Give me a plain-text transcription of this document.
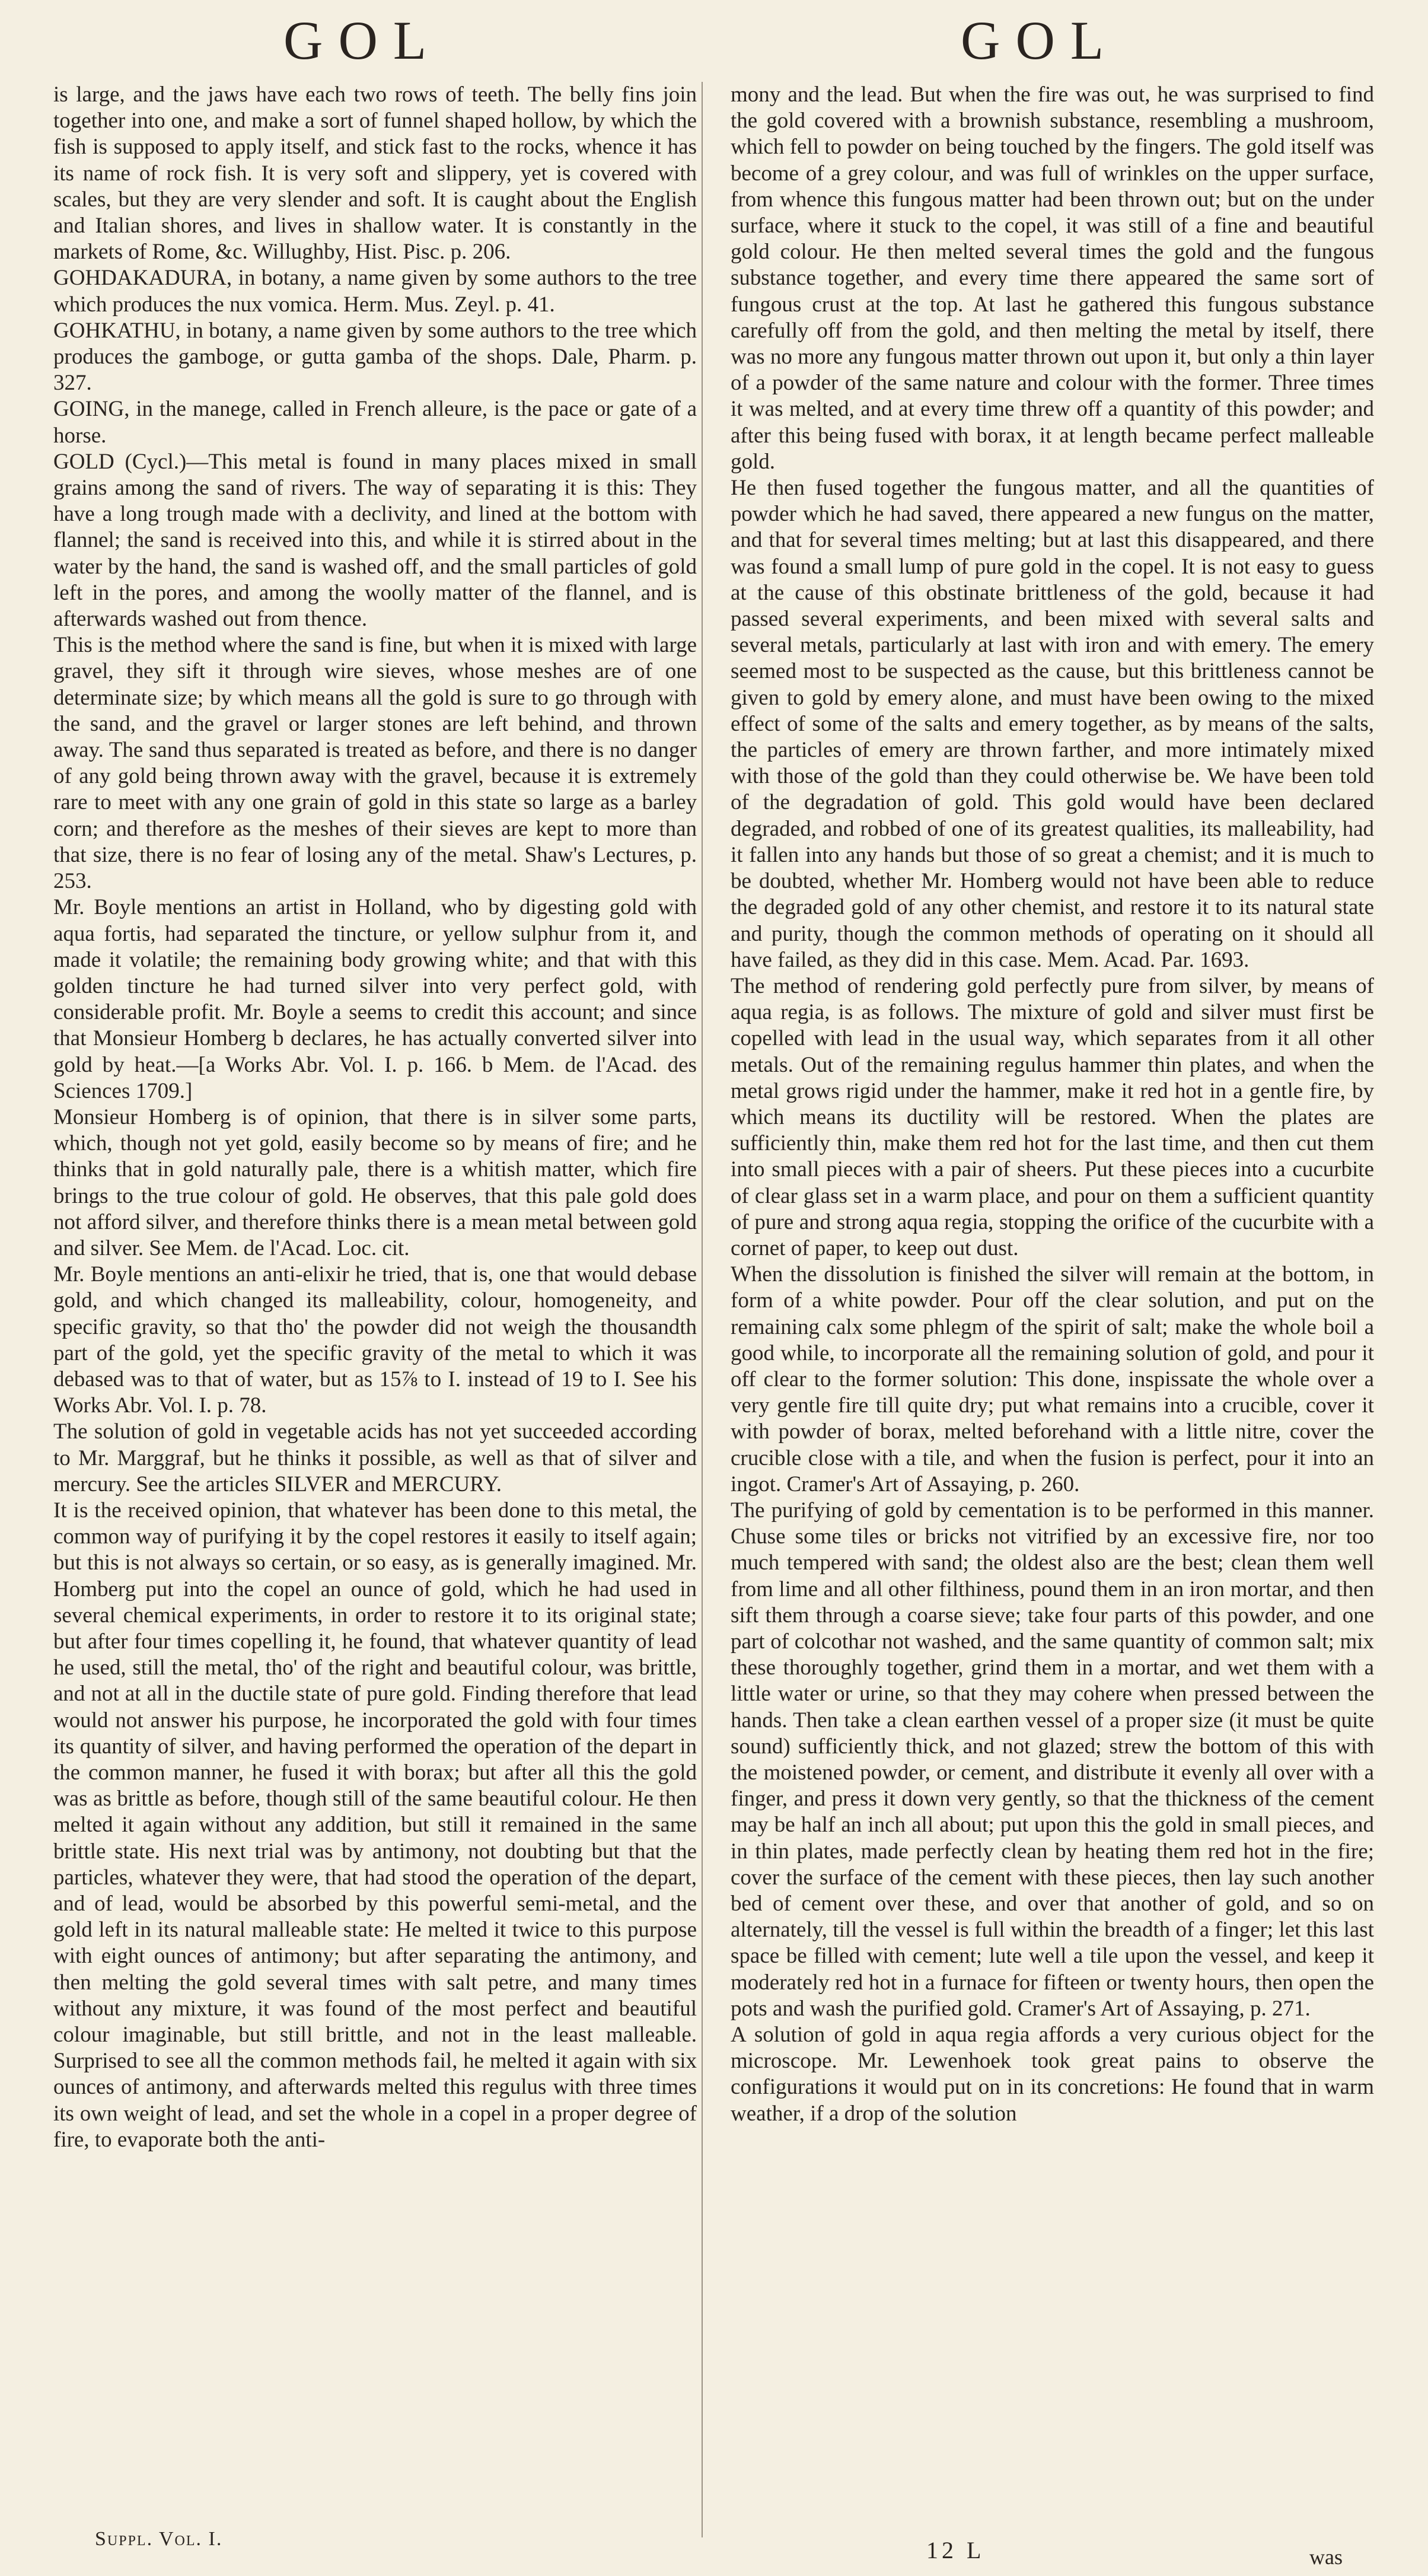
GOL	GOL

is large, and the jaws have each two rows of teeth. The belly fins join together into one, and make a sort of funnel shaped hollow, by which the fish is supposed to apply itself, and stick fast to the rocks, whence it has its name of rock fish. It is very soft and slippery, yet is covered with scales, but they are very slender and soft. It is caught about the English and Italian shores, and lives in shallow water. It is constantly in the markets of Rome, &c. Willughby, Hist. Pisc. p. 206.

GOHDAKADURA, in botany, a name given by some authors to the tree which produces the nux vomica. Herm. Mus. Zeyl. p. 41.

GOHKATHU, in botany, a name given by some authors to the tree which produces the gamboge, or gutta gamba of the shops. Dale, Pharm. p. 327.

GOING, in the manege, called in French alleure, is the pace or gate of a horse.

GOLD (Cycl.)—This metal is found in many places mixed in small grains among the sand of rivers. The way of separating it is this: They have a long trough made with a declivity, and lined at the bottom with flannel; the sand is received into this, and while it is stirred about in the water by the hand, the sand is washed off, and the small particles of gold left in the pores, and among the woolly matter of the flannel, and is afterwards washed out from thence.

This is the method where the sand is fine, but when it is mixed with large gravel, they sift it through wire sieves, whose meshes are of one determinate size; by which means all the gold is sure to go through with the sand, and the gravel or larger stones are left behind, and thrown away. The sand thus separated is treated as before, and there is no danger of any gold being thrown away with the gravel, because it is extremely rare to meet with any one grain of gold in this state so large as a barley corn; and therefore as the meshes of their sieves are kept to more than that size, there is no fear of losing any of the metal. Shaw's Lectures, p. 253.

Mr. Boyle mentions an artist in Holland, who by digesting gold with aqua fortis, had separated the tincture, or yellow sulphur from it, and made it volatile; the remaining body growing white; and that with this golden tincture he had turned silver into very perfect gold, with considerable profit. Mr. Boyle a seems to credit this account; and since that Monsieur Homberg b declares, he has actually converted silver into gold by heat.—[a Works Abr. Vol. I. p. 166. b Mem. de l'Acad. des Sciences 1709.]

Monsieur Homberg is of opinion, that there is in silver some parts, which, though not yet gold, easily become so by means of fire; and he thinks that in gold naturally pale, there is a whitish matter, which fire brings to the true colour of gold. He observes, that this pale gold does not afford silver, and therefore thinks there is a mean metal between gold and silver. See Mem. de l'Acad. Loc. cit.

Mr. Boyle mentions an anti-elixir he tried, that is, one that would debase gold, and which changed its malleability, colour, homogeneity, and specific gravity, so that tho' the powder did not weigh the thousandth part of the gold, yet the specific gravity of the metal to which it was debased was to that of water, but as 15⅞ to I. instead of 19 to I. See his Works Abr. Vol. I. p. 78.

The solution of gold in vegetable acids has not yet succeeded according to Mr. Marggraf, but he thinks it possible, as well as that of silver and mercury. See the articles SILVER and MERCURY.

It is the received opinion, that whatever has been done to this metal, the common way of purifying it by the copel restores it easily to itself again; but this is not always so certain, or so easy, as is generally imagined. Mr. Homberg put into the copel an ounce of gold, which he had used in several chemical experiments, in order to restore it to its original state; but after four times copelling it, he found, that whatever quantity of lead he used, still the metal, tho' of the right and beautiful colour, was brittle, and not at all in the ductile state of pure gold. Finding therefore that lead would not answer his purpose, he incorporated the gold with four times its quantity of silver, and having performed the operation of the depart in the common manner, he fused it with borax; but after all this the gold was as brittle as before, though still of the same beautiful colour. He then melted it again without any addition, but still it remained in the same brittle state. His next trial was by antimony, not doubting but that the particles, whatever they were, that had stood the operation of the depart, and of lead, would be absorbed by this powerful semi-metal, and the gold left in its natural malleable state: He melted it twice to this purpose with eight ounces of antimony; but after separating the antimony, and then melting the gold several times with salt petre, and many times without any mixture, it was found of the most perfect and beautiful colour imaginable, but still brittle, and not in the least malleable. Surprised to see all the common methods fail, he melted it again with six ounces of antimony, and afterwards melted this regulus with three times its own weight of lead, and set the whole in a copel in a proper degree of fire, to evaporate both the anti-

mony and the lead. But when the fire was out, he was surprised to find the gold covered with a brownish substance, resembling a mushroom, which fell to powder on being touched by the fingers. The gold itself was become of a grey colour, and was full of wrinkles on the upper surface, from whence this fungous matter had been thrown out; but on the under surface, where it stuck to the copel, it was still of a fine and beautiful gold colour. He then melted several times the gold and the fungous substance together, and every time there appeared the same sort of fungous crust at the top. At last he gathered this fungous substance carefully off from the gold, and then melting the metal by itself, there was no more any fungous matter thrown out upon it, but only a thin layer of a powder of the same nature and colour with the former. Three times it was melted, and at every time threw off a quantity of this powder; and after this being fused with borax, it at length became perfect malleable gold.

He then fused together the fungous matter, and all the quantities of powder which he had saved, there appeared a new fungus on the matter, and that for several times melting; but at last this disappeared, and there was found a small lump of pure gold in the copel. It is not easy to guess at the cause of this obstinate brittleness of the gold, because it had passed several experiments, and been mixed with several salts and several metals, particularly at last with iron and with emery. The emery seemed most to be suspected as the cause, but this brittleness cannot be given to gold by emery alone, and must have been owing to the mixed effect of some of the salts and emery together, as by means of the salts, the particles of emery are thrown farther, and more intimately mixed with those of the gold than they could otherwise be. We have been told of the degradation of gold. This gold would have been declared degraded, and robbed of one of its greatest qualities, its malleability, had it fallen into any hands but those of so great a chemist; and it is much to be doubted, whether Mr. Homberg would not have been able to reduce the degraded gold of any other chemist, and restore it to its natural state and purity, though the common methods of operating on it should all have failed, as they did in this case. Mem. Acad. Par. 1693.

The method of rendering gold perfectly pure from silver, by means of aqua regia, is as follows. The mixture of gold and silver must first be copelled with lead in the usual way, which separates from it all other metals. Out of the remaining regulus hammer thin plates, and when the metal grows rigid under the hammer, make it red hot in a gentle fire, by which means its ductility will be restored. When the plates are sufficiently thin, make them red hot for the last time, and then cut them into small pieces with a pair of sheers. Put these pieces into a cucurbite of clear glass set in a warm place, and pour on them a sufficient quantity of pure and strong aqua regia, stopping the orifice of the cucurbite with a cornet of paper, to keep out dust.

When the dissolution is finished the silver will remain at the bottom, in form of a white powder. Pour off the clear solution, and put on the remaining calx some phlegm of the spirit of salt; make the whole boil a good while, to incorporate all the remaining solution of gold, and pour it off clear to the former solution: This done, inspissate the whole over a very gentle fire till quite dry; put what remains into a crucible, cover it with powder of borax, melted beforehand with a little nitre, cover the crucible close with a tile, and when the fusion is perfect, pour it into an ingot. Cramer's Art of Assaying, p. 260.

The purifying of gold by cementation is to be performed in this manner. Chuse some tiles or bricks not vitrified by an excessive fire, nor too much tempered with sand; the oldest also are the best; clean them well from lime and all other filthiness, pound them in an iron mortar, and then sift them through a coarse sieve; take four parts of this powder, and one part of colcothar not washed, and the same quantity of common salt; mix these thoroughly together, grind them in a mortar, and wet them with a little water or urine, so that they may cohere when pressed between the hands. Then take a clean earthen vessel of a proper size (it must be quite sound) sufficiently thick, and not glazed; strew the bottom of this with the moistened powder, or cement, and distribute it evenly all over with a finger, and press it down very gently, so that the thickness of the cement may be half an inch all about; put upon this the gold in small pieces, and in thin plates, made perfectly clean by heating them red hot in the fire; cover the surface of the cement with these pieces, then lay such another bed of cement over these, and over that another of gold, and so on alternately, till the vessel is full within the breadth of a finger; let this last space be filled with cement; lute well a tile upon the vessel, and keep it moderately red hot in a furnace for fifteen or twenty hours, then open the pots and wash the purified gold. Cramer's Art of Assaying, p. 271.

A solution of gold in aqua regia affords a very curious object for the microscope. Mr. Lewenhoek took great pains to observe the configurations it would put on in its concretions: He found that in warm weather, if a drop of the solution

Suppl. Vol. I.	12 L	was
